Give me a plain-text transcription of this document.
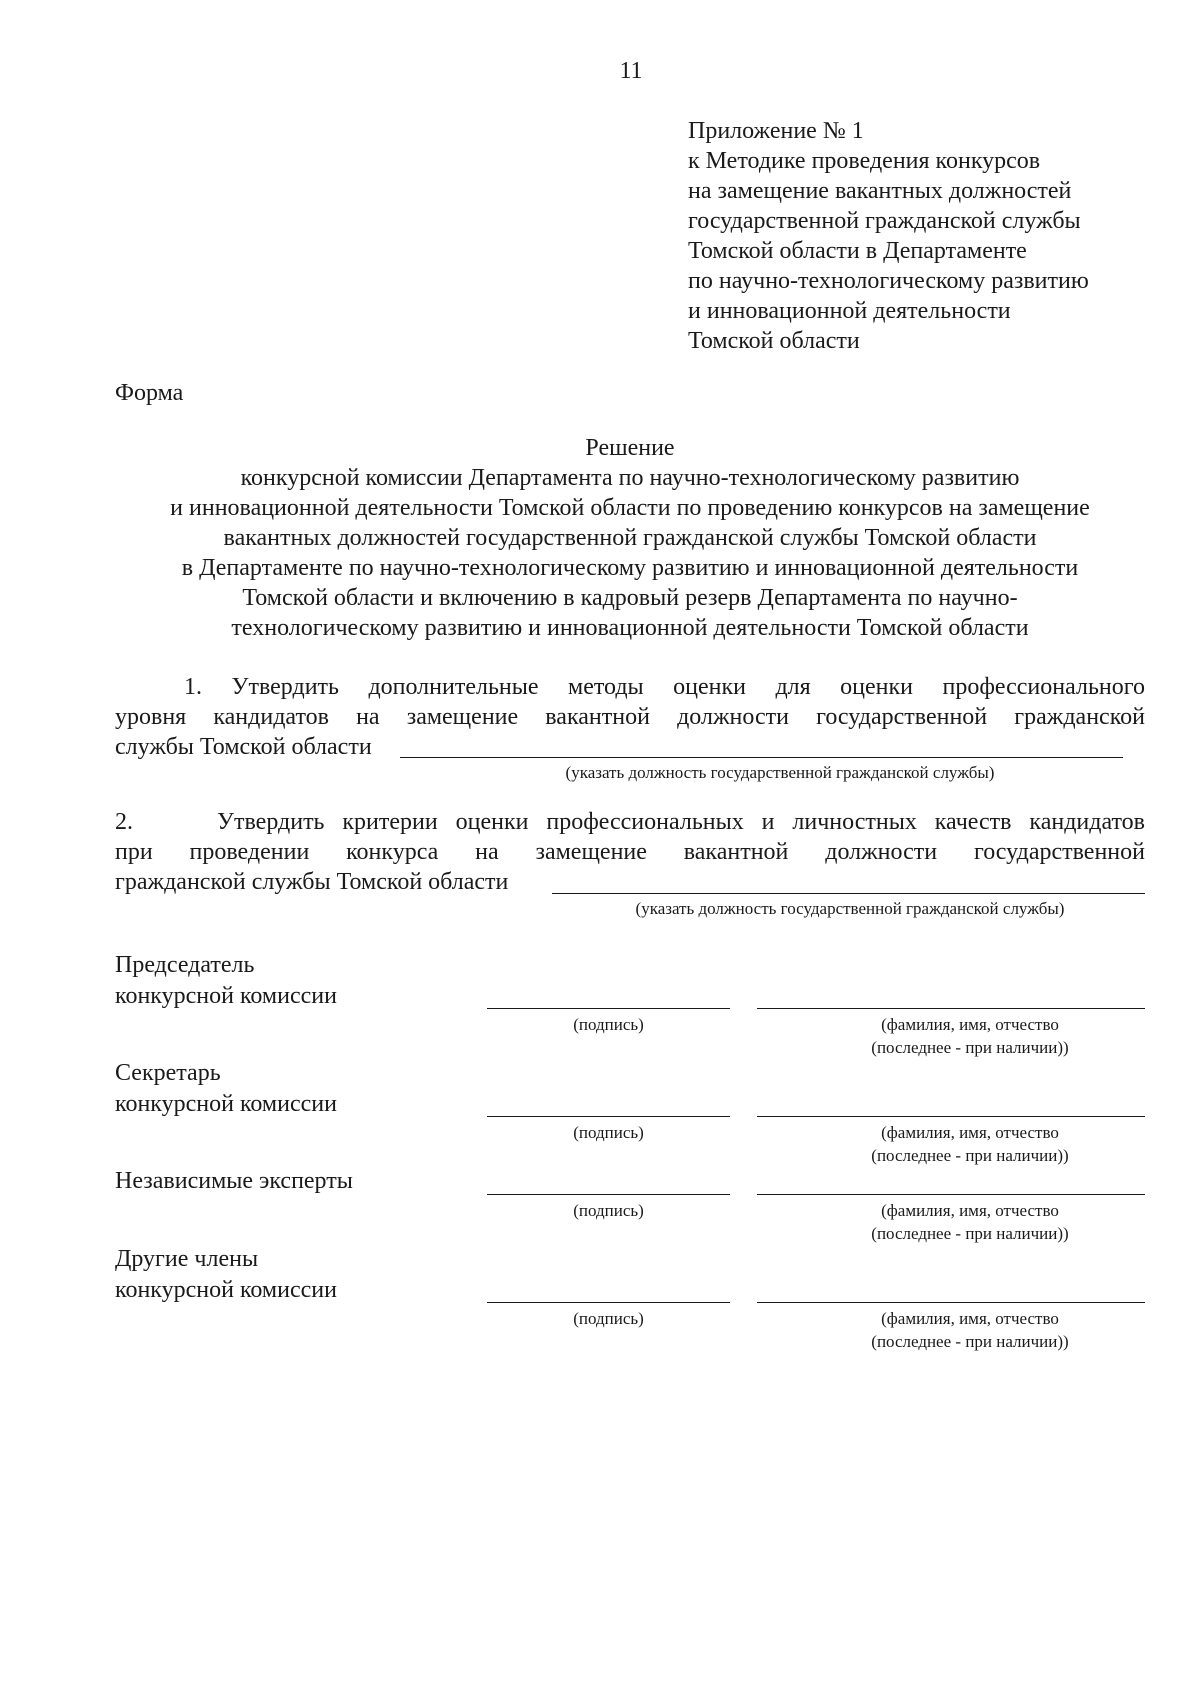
11
Приложение № 1
к Методике проведения конкурсов
на замещение вакантных должностей
государственной гражданской службы
Томской области в Департаменте
по научно-технологическому развитию
и инновационной деятельности
Томской области
Форма
Решение
конкурсной комиссии Департамента по научно-технологическому развитию
и инновационной деятельности Томской области по проведению конкурсов на замещение
вакантных должностей государственной гражданской службы Томской области
в Департаменте по научно-технологическому развитию и инновационной деятельности
Томской области и включению в кадровый резерв Департамента по научно-
технологическому развитию и инновационной деятельности Томской области
1. Утвердить дополнительные методы оценки для оценки профессионального
уровня кандидатов на замещение вакантной должности государственной гражданской
службы Томской области
(указать должность государственной гражданской службы)
2.	Утвердить критерии оценки профессиональных и личностных качеств кандидатов
при проведении конкурса на замещение вакантной должности государственной
гражданской службы Томской области
(указать должность государственной гражданской службы)
Председатель
конкурсной комиссии
(подпись)	(фамилия, имя, отчество
(последнее - при наличии))
Секретарь
конкурсной комиссии
(подпись)	(фамилия, имя, отчество
(последнее - при наличии))
Независимые эксперты
(подпись)	(фамилия, имя, отчество
(последнее - при наличии))
Другие члены
конкурсной комиссии
(подпись)	(фамилия, имя, отчество
(последнее - при наличии))
